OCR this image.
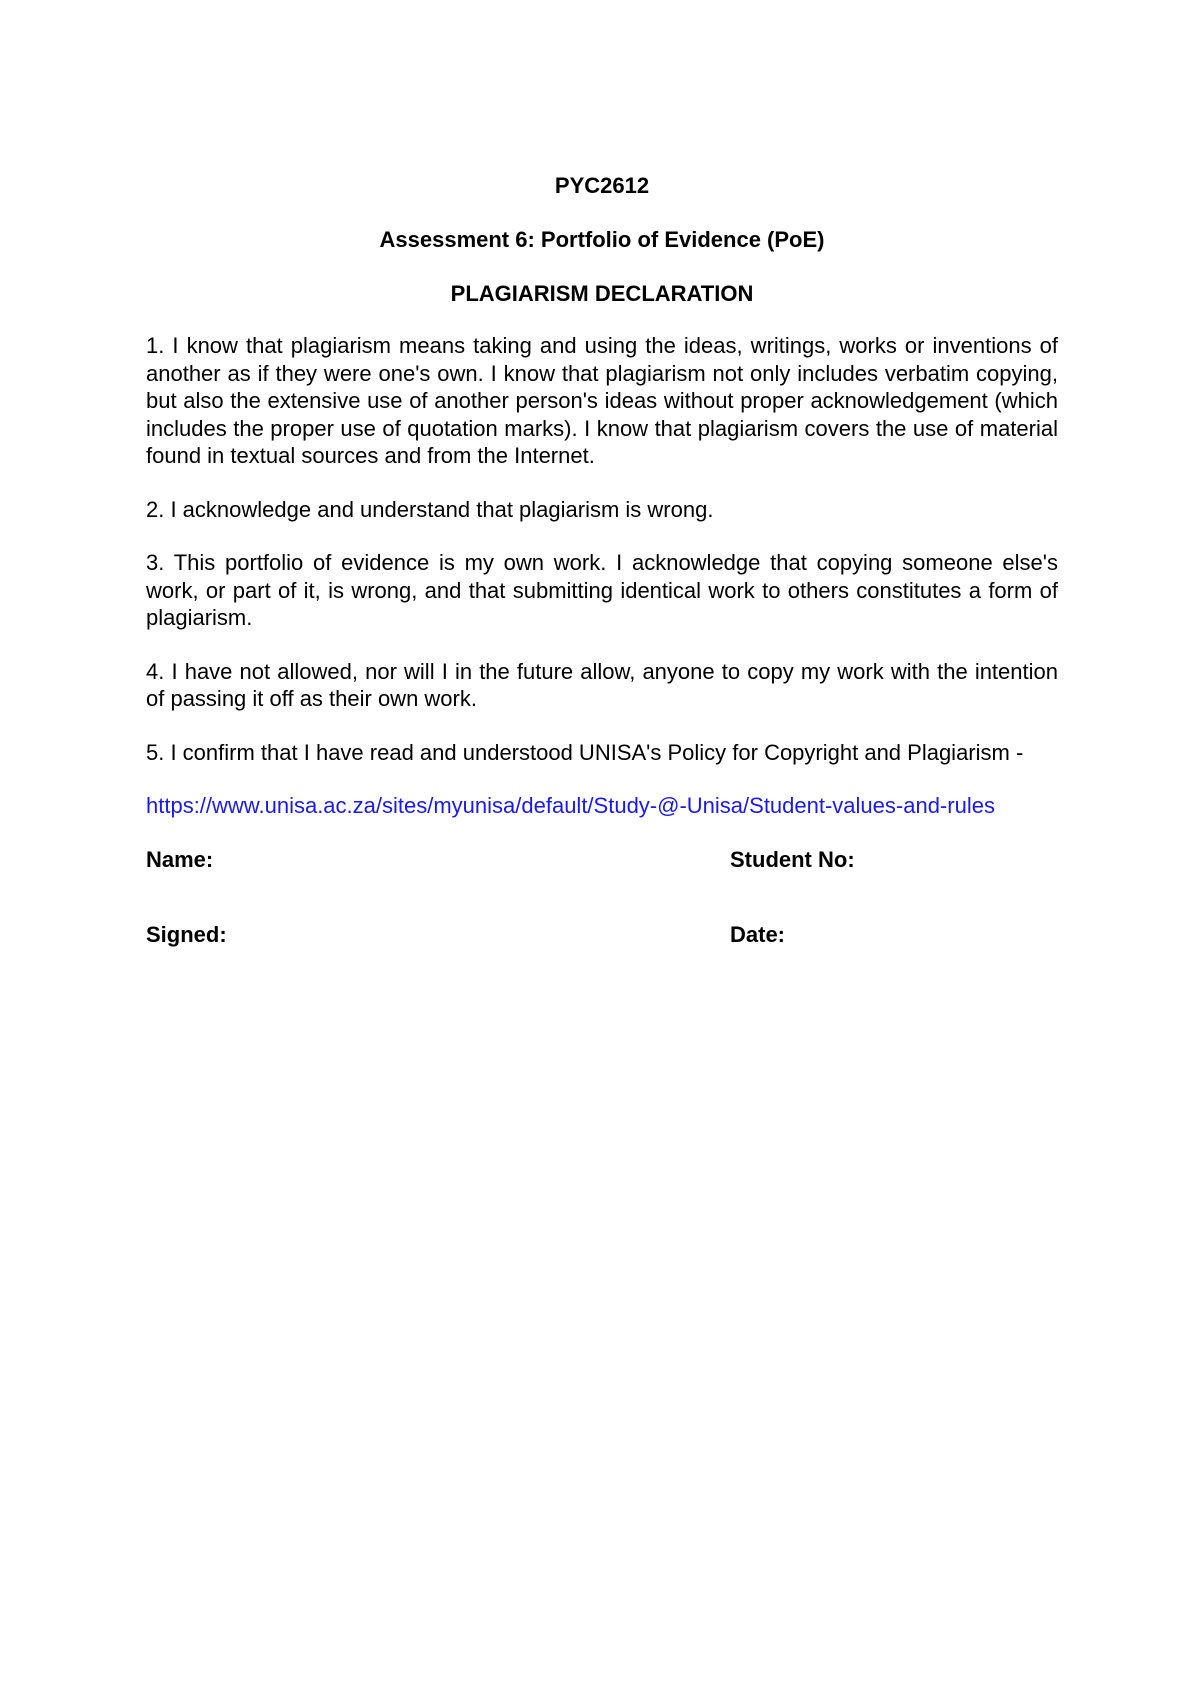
PYC2612

Assessment 6: Portfolio of Evidence (PoE)

PLAGIARISM DECLARATION

1. I know that plagiarism means taking and using the ideas, writings, works or inventions of another as if they were one's own. I know that plagiarism not only includes verbatim copying, but also the extensive use of another person's ideas without proper acknowledgement (which includes the proper use of quotation marks). I know that plagiarism covers the use of material found in textual sources and from the Internet.

2. I acknowledge and understand that plagiarism is wrong.

3. This portfolio of evidence is my own work. I acknowledge that copying someone else's work, or part of it, is wrong, and that submitting identical work to others constitutes a form of plagiarism.

4. I have not allowed, nor will I in the future allow, anyone to copy my work with the intention of passing it off as their own work.

5. I confirm that I have read and understood UNISA's Policy for Copyright and Plagiarism -

https://www.unisa.ac.za/sites/myunisa/default/Study-@-Unisa/Student-values-and-rules

Name:	Student No:
Signed:	Date:
